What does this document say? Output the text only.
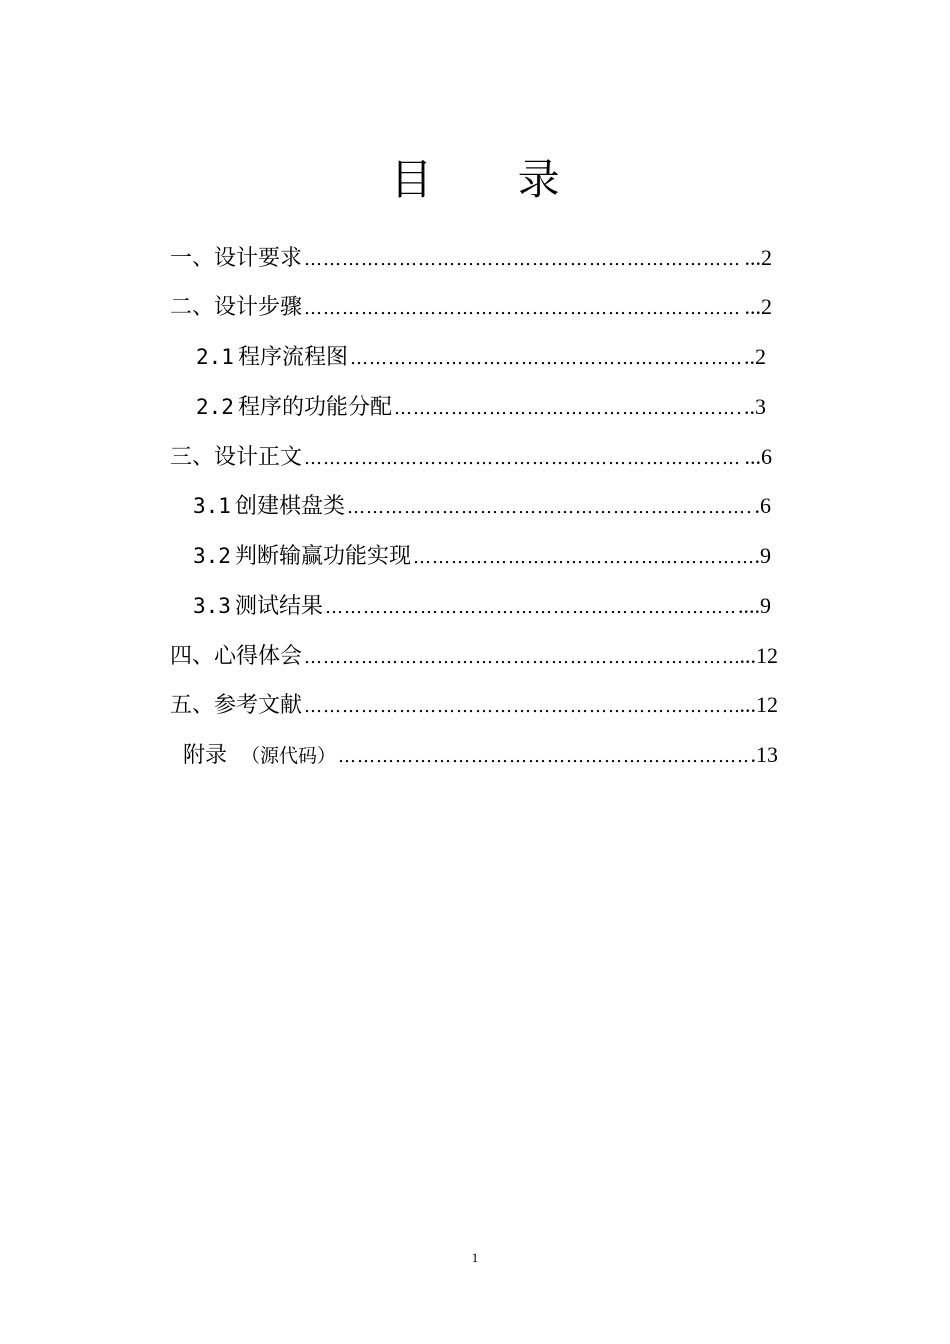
目 录
一、设计要求 …………………………………………………………………………………………………………………………………………	...2
二、设计步骤 …………………………………………………………………………………………………………………………………………	...2
2.1 程序流程图 …………………………………………………………………………………………………………………………………………	..2
2.2 程序的功能分配 …………………………………………………………………………………………………………………………………………	..3
三、设计正文 …………………………………………………………………………………………………………………………………………	...6
3.1 创建棋盘类 …………………………………………………………………………………………………………………………………………	.6
3.2 判断输赢功能实现 …………………………………………………………………………………………………………………………………………	.9
3.3 测试结果 …………………………………………………………………………………………………………………………………………	....9
四、心得体会 …………………………………………………………………………………………………………………………………………	...12
五、参考文献 …………………………………………………………………………………………………………………………………………	...12
附录 （源代码） …………………………………………………………………………………………………………………………………………	.13
1
